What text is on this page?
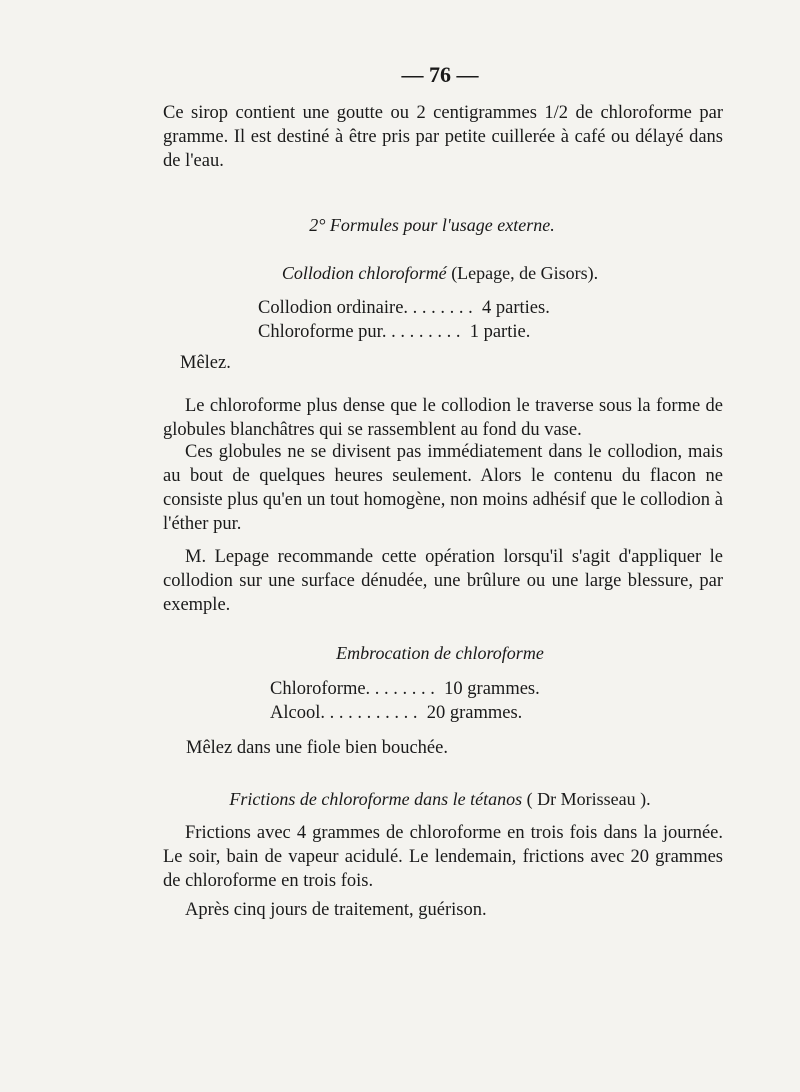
— 76 —
Ce sirop contient une goutte ou 2 centigrammes 1/2 de chloroforme par gramme. Il est destiné à être pris par petite cuillerée à café ou délayé dans de l'eau.
2° Formules pour l'usage externe.
Collodion chloroformé (Lepage, de Gisors).
Collodion ordinaire. . . . . . . .  4 parties.
Chloroforme pur. . . . . . . . .  1 partie.
Mêlez.
Le chloroforme plus dense que le collodion le traverse sous la forme de globules blanchâtres qui se rassemblent au fond du vase.
Ces globules ne se divisent pas immédiatement dans le collodion, mais au bout de quelques heures seulement. Alors le contenu du flacon ne consiste plus qu'en un tout homogène, non moins adhésif que le collodion à l'éther pur.
M. Lepage recommande cette opération lorsqu'il s'agit d'appliquer le collodion sur une surface dénudée, une brûlure ou une large blessure, par exemple.
Embrocation de chloroforme
Chloroforme. . . . . . . .  10 grammes.
Alcool. . . . . . . . . . .  20 grammes.
Mêlez dans une fiole bien bouchée.
Frictions de chloroforme dans le tétanos ( Dr Morisseau ).
Frictions avec 4 grammes de chloroforme en trois fois dans la journée. Le soir, bain de vapeur acidulé. Le lendemain, frictions avec 20 grammes de chloroforme en trois fois.
Après cinq jours de traitement, guérison.
